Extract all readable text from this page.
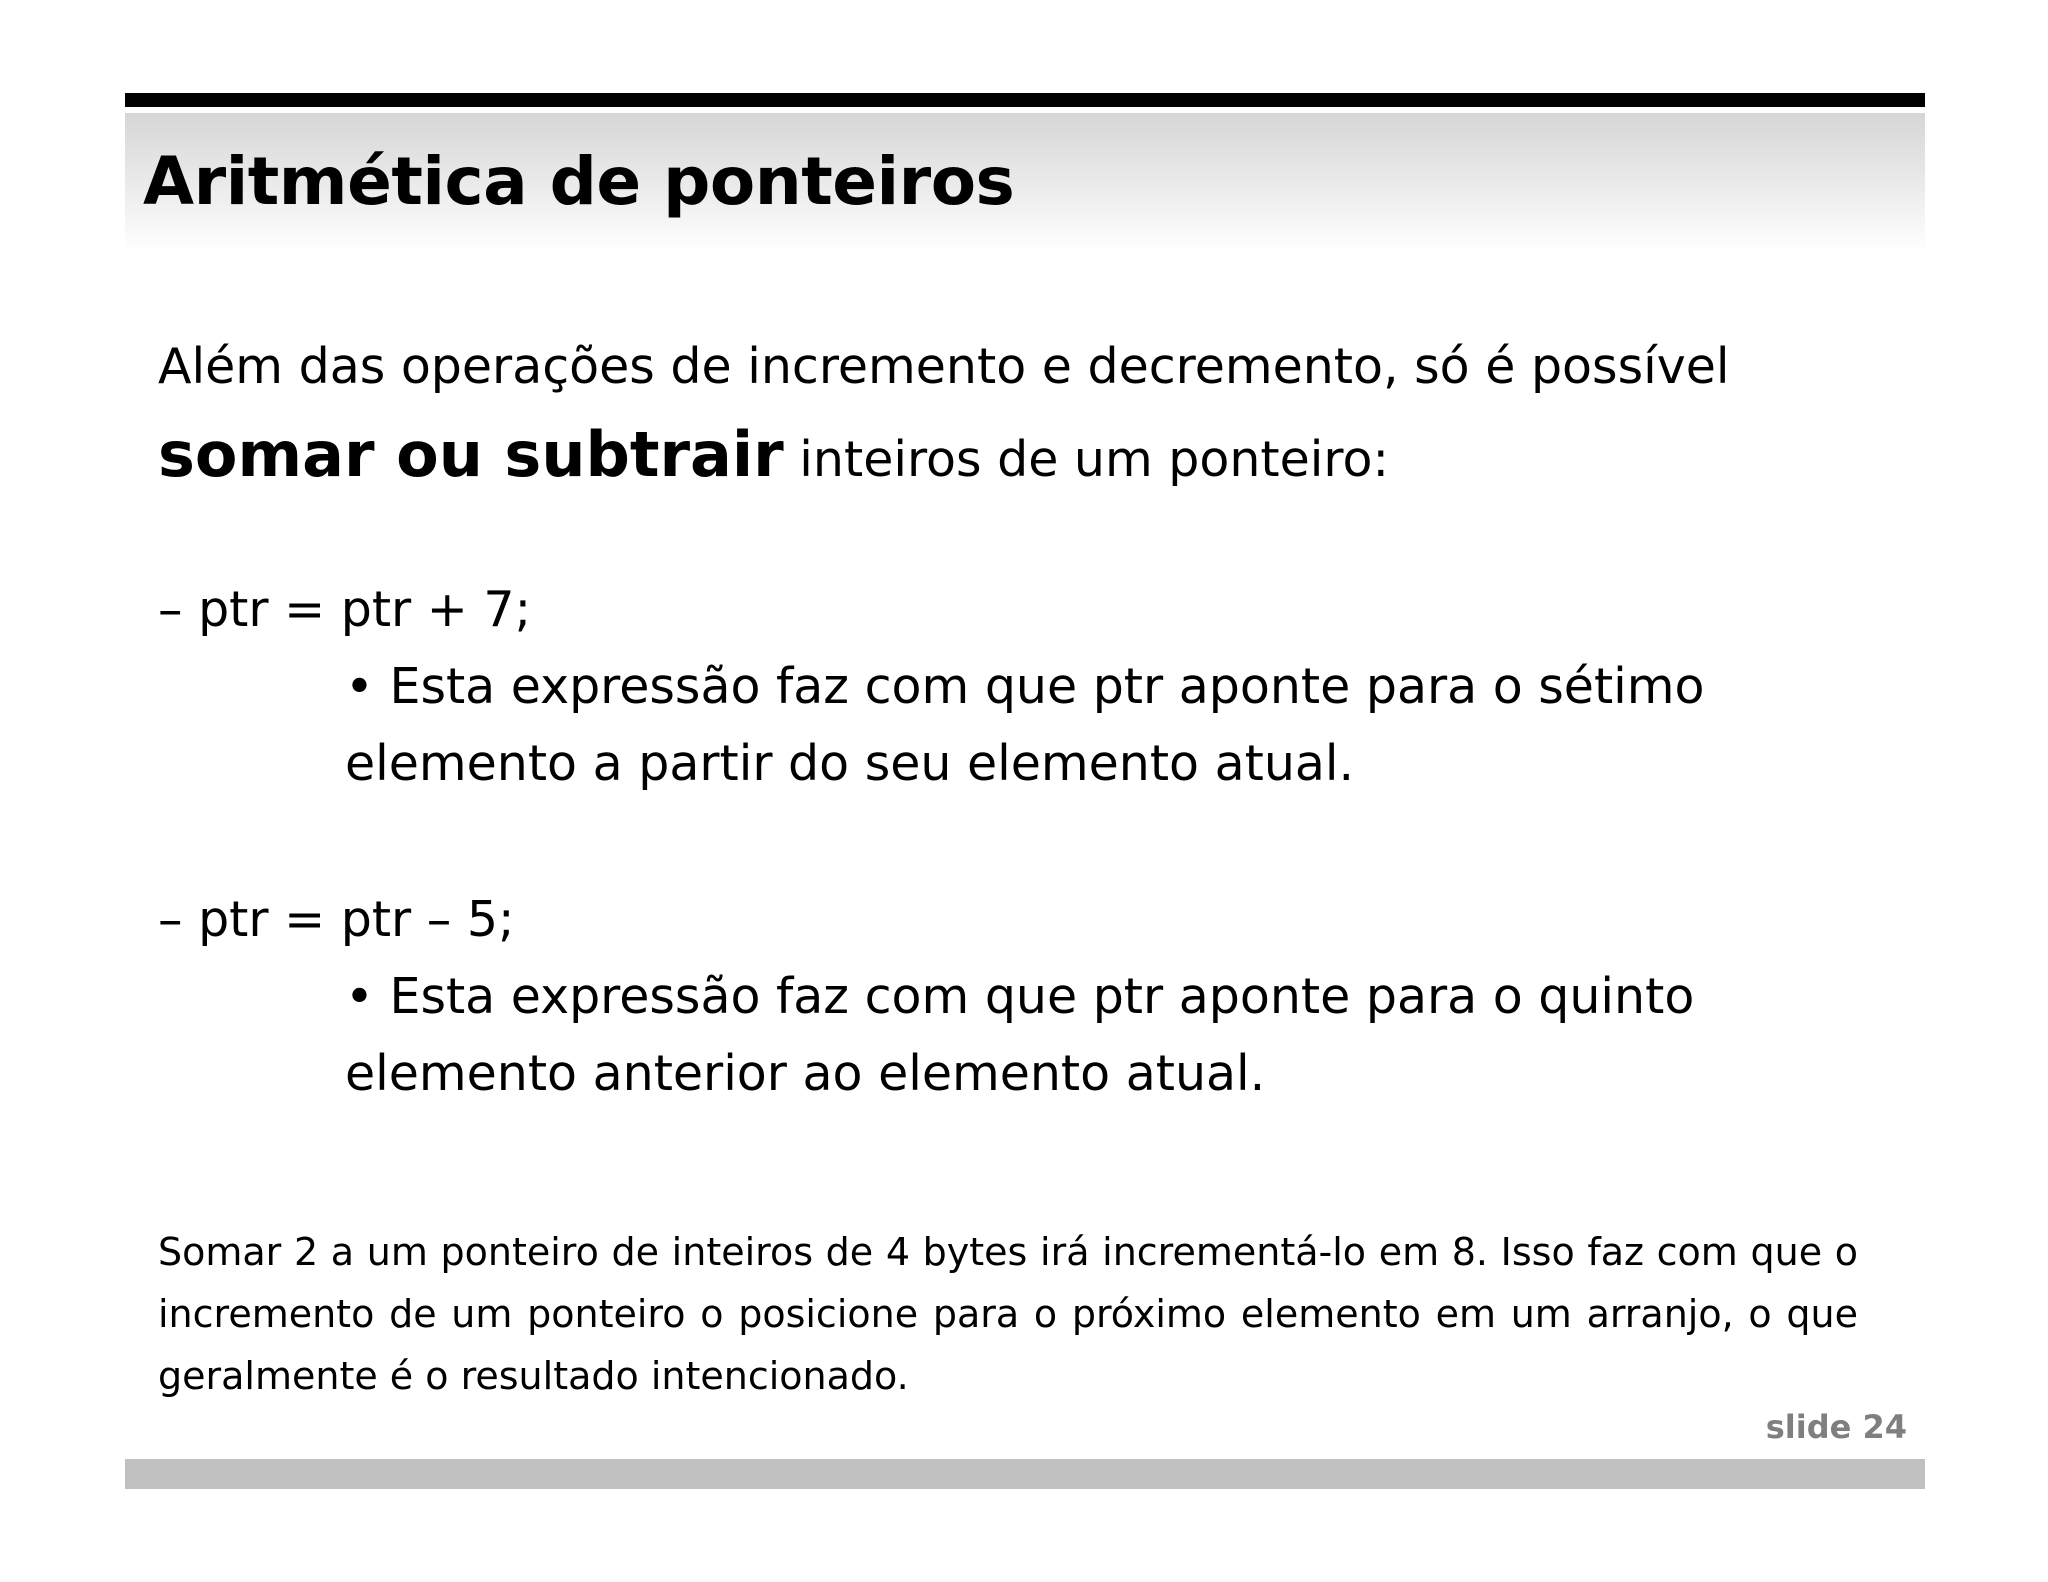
Aritmética de ponteiros

Além das operações de incremento e decremento, só é possível
somar ou subtrair inteiros de um ponteiro:

– ptr = ptr + 7;

• Esta expressão faz com que ptr aponte para o sétimo elemento a partir do seu elemento atual.

– ptr = ptr – 5;

• Esta expressão faz com que ptr aponte para o quinto elemento anterior ao elemento atual.

Somar 2 a um ponteiro de inteiros de 4 bytes irá incrementá-lo em 8. Isso faz com que o incremento de um ponteiro o posicione para o próximo elemento em um arranjo, o que geralmente é o resultado intencionado.

slide 24
